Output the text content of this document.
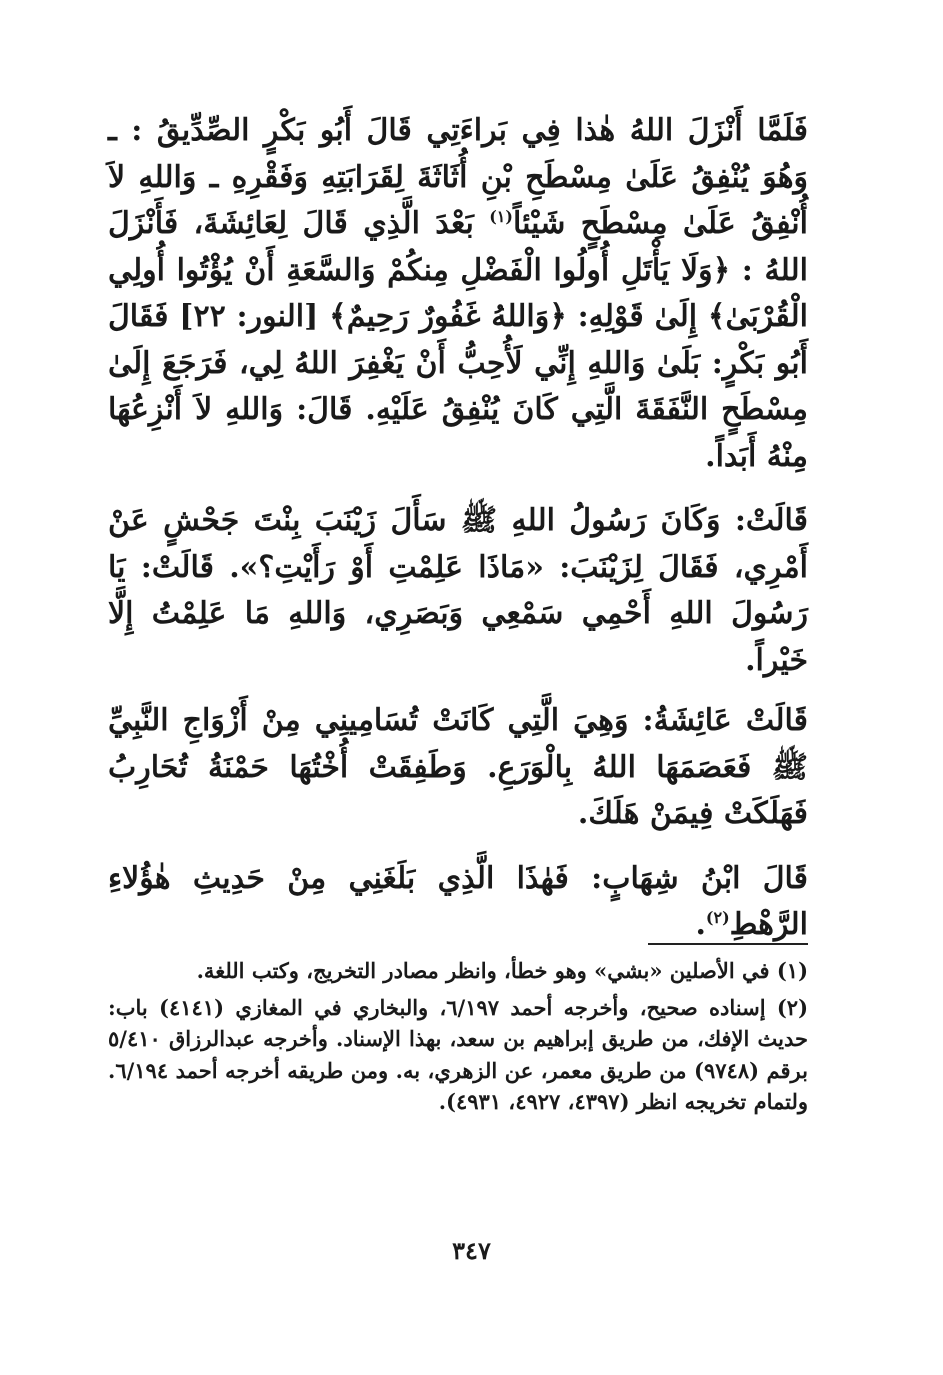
فَلَمَّا أَنْزَلَ اللهُ هٰذا فِي بَراءَتِي قَالَ أَبُو بَكْرٍ الصِّدِّيقُ : ـ وَهُوَ يُنْفِقُ عَلَىٰ مِسْطَحِ بْنِ أُثَاثَةَ لِقَرَابَتِهِ وَفَقْرِهِ ـ وَاللهِ لاَ أُنْفِقُ عَلَىٰ مِسْطَحٍ شَيْئاً$^{(١)}$ بَعْدَ الَّذِي قَالَ لِعَائِشَةَ، فَأَنْزَلَ اللهُ : ﴿وَلَا يَأْتَلِ أُولُوا الْفَضْلِ مِنكُمْ وَالسَّعَةِ أَنْ يُؤْتُوا أُولِي الْقُرْبَىٰ﴾ إِلَىٰ قَوْلِهِ: ﴿وَاللهُ غَفُورٌ رَحِيمٌ﴾ [النور: ٢٢] فَقَالَ أَبُو بَكْرٍ: بَلَىٰ وَاللهِ إِنِّي لَأُحِبُّ أَنْ يَغْفِرَ اللهُ لِي، فَرَجَعَ إِلَىٰ مِسْطَحٍ النَّفَقَةَ الَّتِي كَانَ يُنْفِقُ عَلَيْهِ. قَالَ: وَاللهِ لاَ أَنْزِعُهَا مِنْهُ أَبَداً.

قَالَتْ: وَكَانَ رَسُولُ اللهِ ﷺ سَأَلَ زَيْنَبَ بِنْتَ جَحْشٍ عَنْ أَمْرِي، فَقَالَ لِزَيْنَبَ: «مَاذَا عَلِمْتِ أَوْ رَأَيْتِ؟». قَالَتْ: يَا رَسُولَ اللهِ أَحْمِي سَمْعِي وَبَصَرِي، وَاللهِ مَا عَلِمْتُ إِلَّا خَيْراً.

قَالَتْ عَائِشَةُ: وَهِيَ الَّتِي كَانَتْ تُسَامِينِي مِنْ أَزْوَاجِ النَّبِيِّ ﷺ فَعَصَمَهَا اللهُ بِالْوَرَعِ. وَطَفِقَتْ أُخْتُهَا حَمْنَةُ تُحَارِبُ فَهَلَكَتْ فِيمَنْ هَلَكَ.

قَالَ ابْنُ شِهَابٍ: فَهٰذَا الَّذِي بَلَغَنِي مِنْ حَدِيثِ هٰؤُلاءِ الرَّهْطِ$^{(٢)}$.

(١) في الأصلين «بشي» وهو خطأ، وانظر مصادر التخريج، وكتب اللغة.

(٢) إسناده صحيح، وأخرجه أحمد ٦/١٩٧، والبخاري في المغازي (٤١٤١) باب: حديث الإفك، من طريق إبراهيم بن سعد، بهذا الإسناد. وأخرجه عبدالرزاق ٥/٤١٠ برقم (٩٧٤٨) من طريق معمر، عن الزهري، به. ومن طريقه أخرجه أحمد ٦/١٩٤. ولتمام تخريجه انظر (٤٣٩٧، ٤٩٢٧، ٤٩٣١).

٣٤٧
